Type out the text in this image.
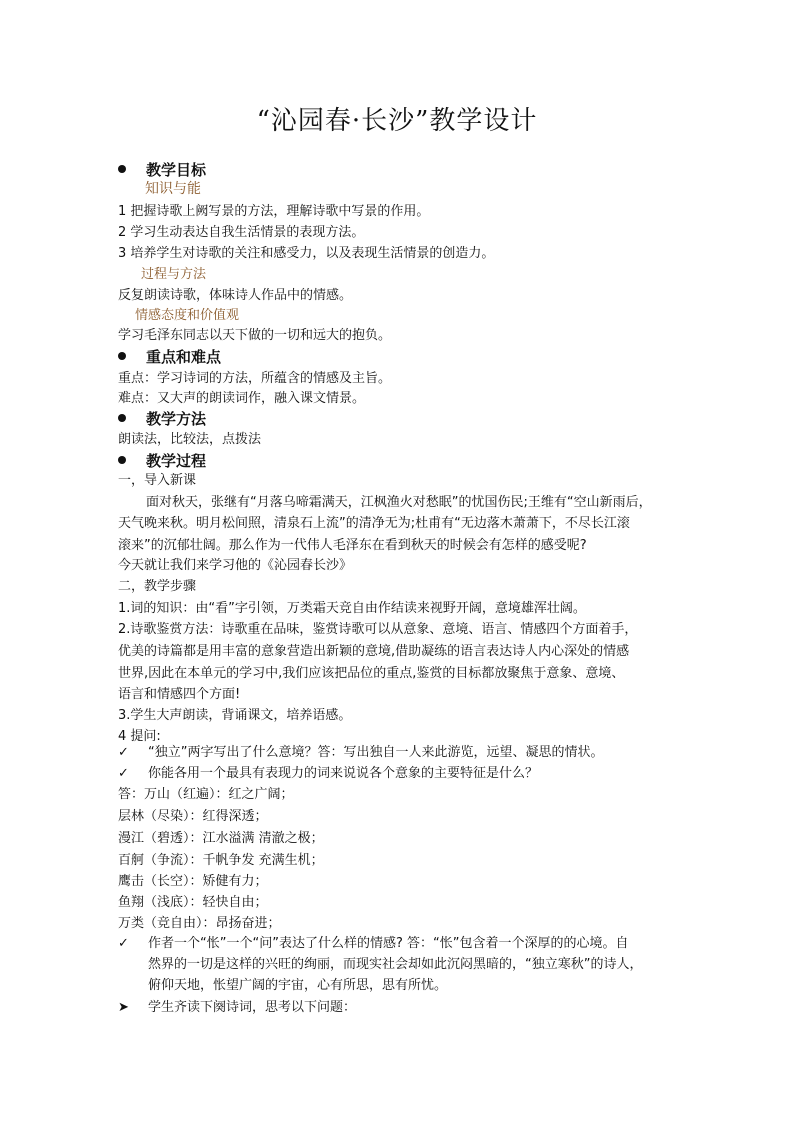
“沁园春·长沙”教学设计
教学目标
知识与能
1 把握诗歌上阙写景的方法，理解诗歌中写景的作用。
2 学习生动表达自我生活情景的表现方法。
3 培养学生对诗歌的关注和感受力，以及表现生活情景的创造力。
过程与方法
反复朗读诗歌，体味诗人作品中的情感。
情感态度和价值观
学习毛泽东同志以天下做的一切和远大的抱负。
重点和难点
重点：学习诗词的方法，所蕴含的情感及主旨。
难点：又大声的朗读词作，融入课文情景。
教学方法
朗读法，比较法，点拨法
教学过程
一，导入新课
面对秋天，张继有“月落乌啼霜满天，江枫渔火对愁眠”的忧国伤民;王维有“空山新雨后，
天气晚来秋。明月松间照，清泉石上流”的清净无为;杜甫有“无边落木萧萧下，不尽长江滚
滚来”的沉郁壮阔。那么作为一代伟人毛泽东在看到秋天的时候会有怎样的感受呢?
今天就让我们来学习他的《沁园春长沙》
二，教学步骤
1.词的知识：由“看”字引领，万类霜天竞自由作结读来视野开阔，意境雄浑壮阔。
2.诗歌鉴赏方法：诗歌重在品味，鉴赏诗歌可以从意象、意境、语言、情感四个方面着手，
优美的诗篇都是用丰富的意象营造出新颖的意境,借助凝练的语言表达诗人内心深处的情感
世界,因此在本单元的学习中,我们应该把品位的重点,鉴赏的目标都放聚焦于意象、意境、
语言和情感四个方面!
3.学生大声朗读，背诵课文，培养语感。
4 提问:
✓ “独立”两字写出了什么意境？答：写出独自一人来此游览，远望、凝思的情状。
✓ 你能各用一个最具有表现力的词来说说各个意象的主要特征是什么？
答：万山（红遍）：红之广阔；
层林（尽染）：红得深透；
漫江（碧透）：江水溢满 清澈之极；
百舸（争流）：千帆争发 充满生机；
鹰击（长空）：矫健有力；
鱼翔（浅底）：轻快自由；
万类（竞自由）：昂扬奋进；
✓ 作者一个“怅”一个“问”表达了什么样的情感? 答：“怅”包含着一个深厚的的心境。自
然界的一切是这样的兴旺的绚丽，而现实社会却如此沉闷黑暗的，“独立寒秋”的诗人，
俯仰天地，怅望广阔的宇宙，心有所思，思有所忧。
➤ 学生齐读下阕诗词，思考以下问题：
